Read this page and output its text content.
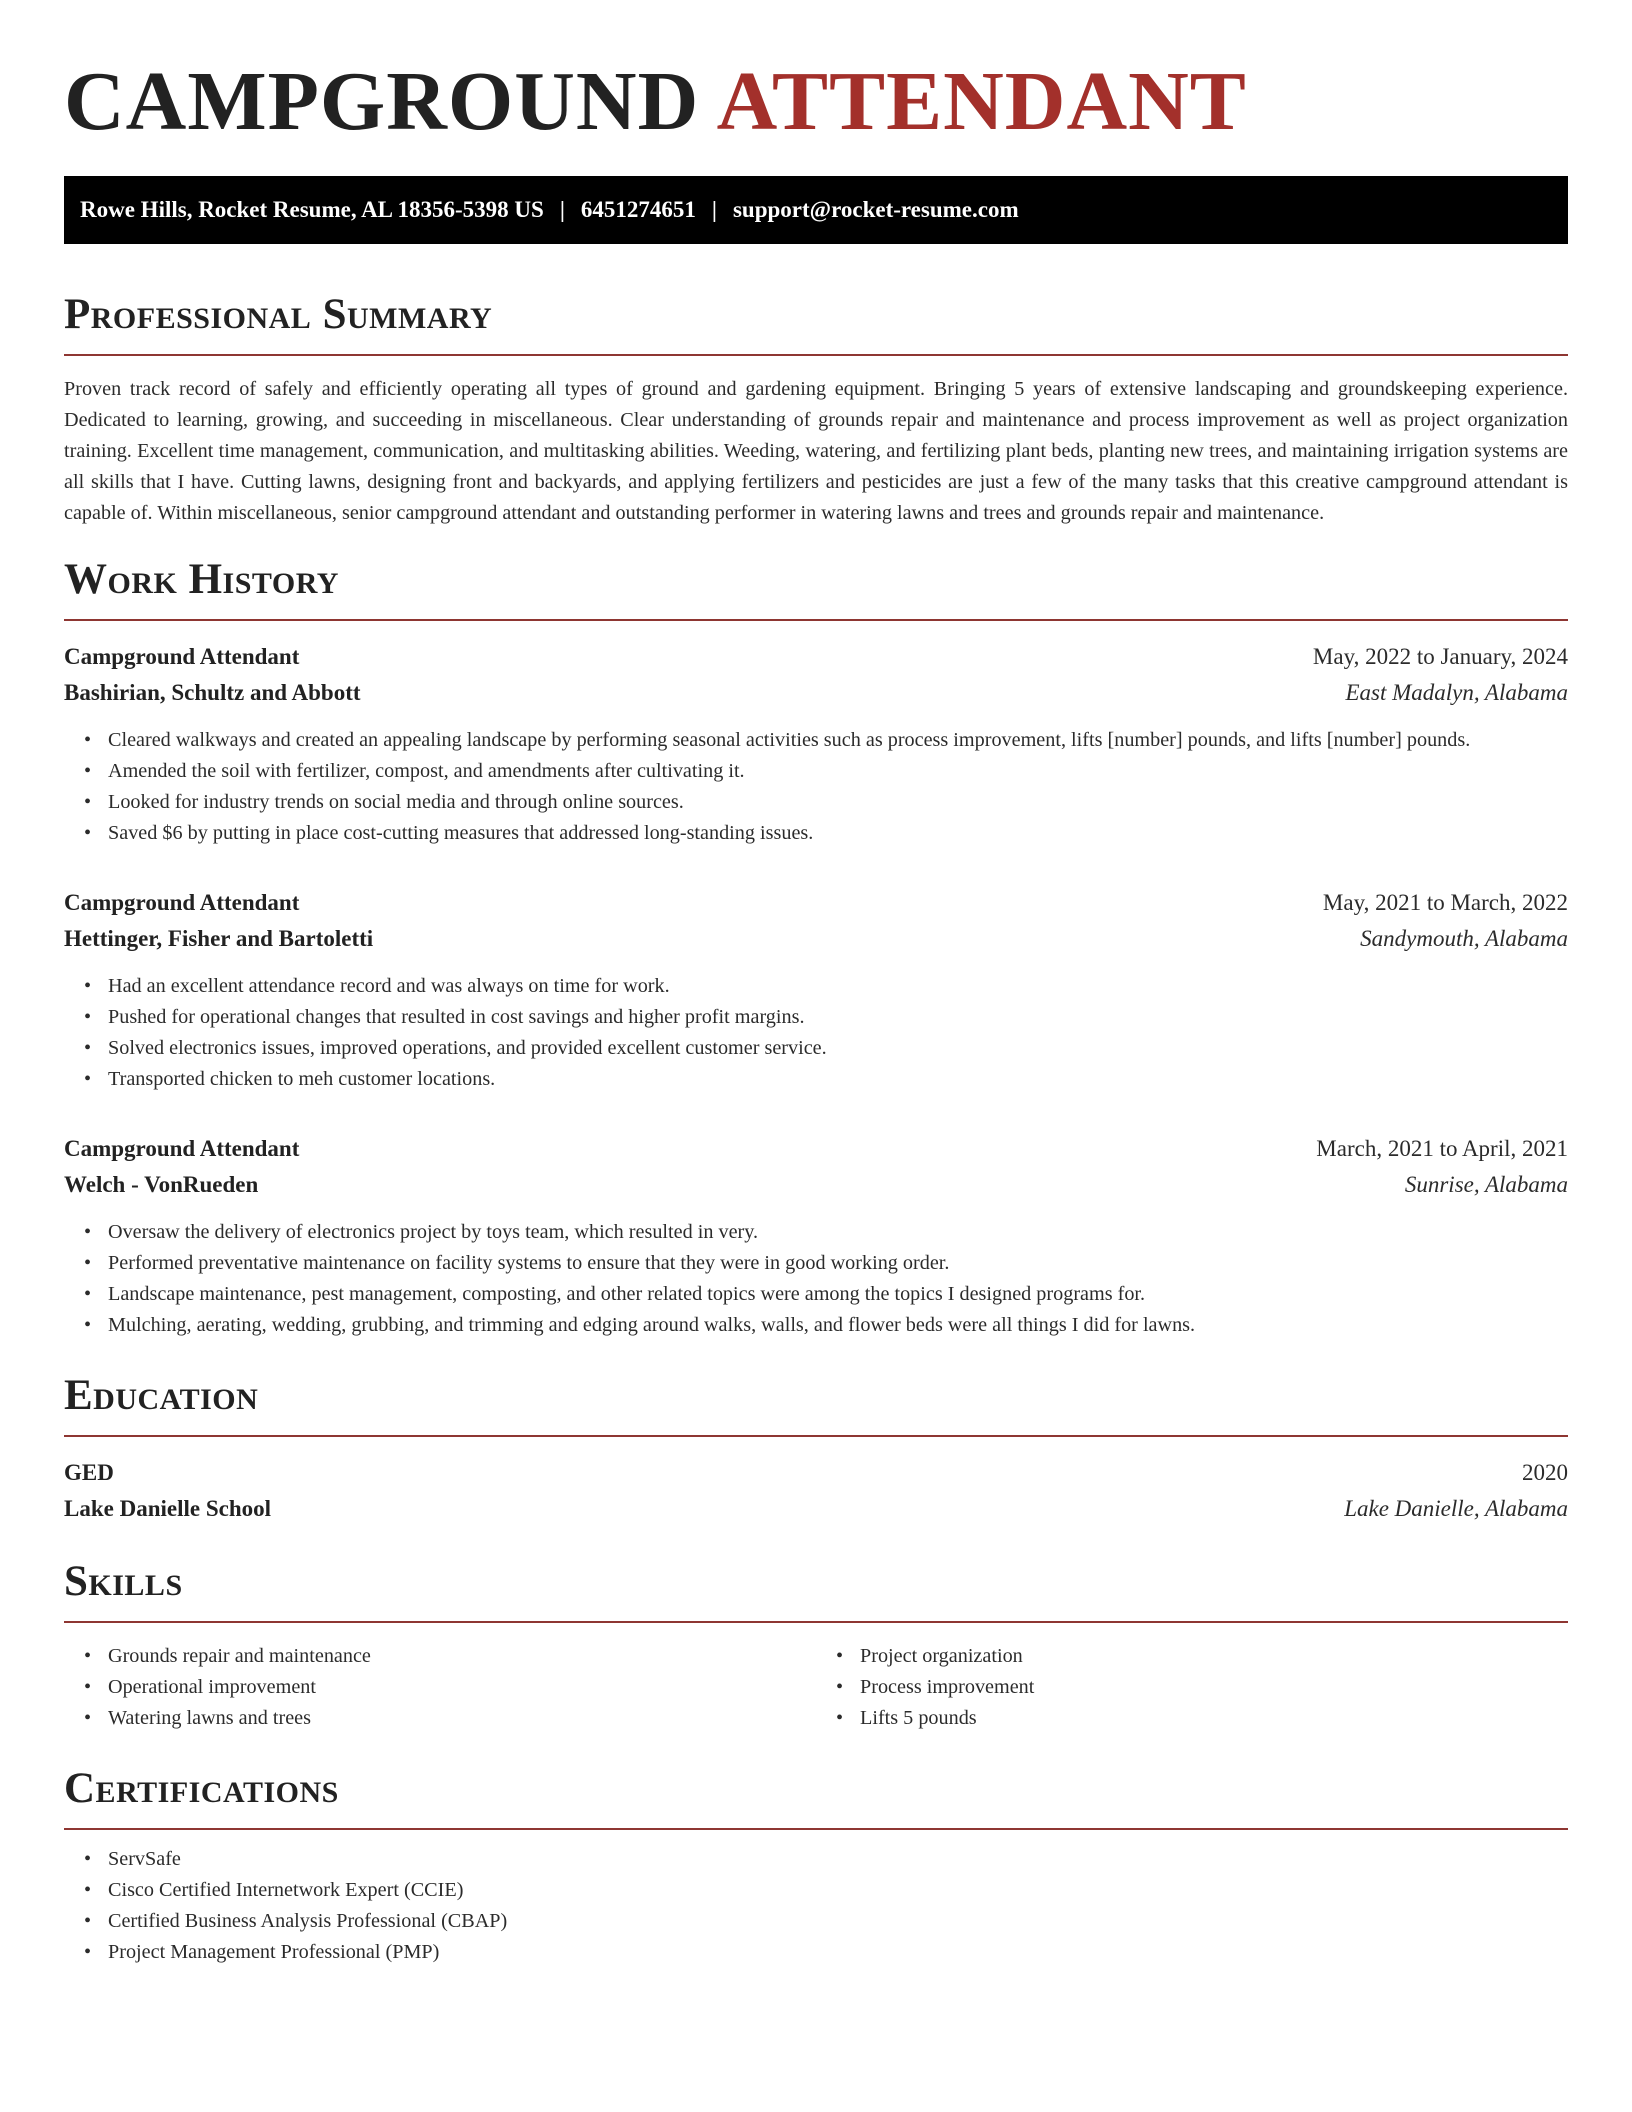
CAMPGROUND ATTENDANT
Rowe Hills, Rocket Resume, AL 18356-5398 US | 6451274651 | support@rocket-resume.com
Professional Summary

Proven track record of safely and efficiently operating all types of ground and gardening equipment. Bringing 5 years of extensive landscaping and groundskeeping experience. Dedicated to learning, growing, and succeeding in miscellaneous. Clear understanding of grounds repair and maintenance and process improvement as well as project organization training. Excellent time management, communication, and multitasking abilities. Weeding, watering, and fertilizing plant beds, planting new trees, and maintaining irrigation systems are all skills that I have. Cutting lawns, designing front and backyards, and applying fertilizers and pesticides are just a few of the many tasks that this creative campground attendant is capable of. Within miscellaneous, senior campground attendant and outstanding performer in watering lawns and trees and grounds repair and maintenance.

Work History
Campground Attendant	May, 2022 to January, 2024
Bashirian, Schultz and Abbott	East Madalyn, Alabama
• Cleared walkways and created an appealing landscape by performing seasonal activities such as process improvement, lifts [number] pounds, and lifts [number] pounds.
• Amended the soil with fertilizer, compost, and amendments after cultivating it.
• Looked for industry trends on social media and through online sources.
• Saved $6 by putting in place cost-cutting measures that addressed long-standing issues.
Campground Attendant	May, 2021 to March, 2022
Hettinger, Fisher and Bartoletti	Sandymouth, Alabama
• Had an excellent attendance record and was always on time for work.
• Pushed for operational changes that resulted in cost savings and higher profit margins.
• Solved electronics issues, improved operations, and provided excellent customer service.
• Transported chicken to meh customer locations.
Campground Attendant	March, 2021 to April, 2021
Welch - VonRueden	Sunrise, Alabama
• Oversaw the delivery of electronics project by toys team, which resulted in very.
• Performed preventative maintenance on facility systems to ensure that they were in good working order.
• Landscape maintenance, pest management, composting, and other related topics were among the topics I designed programs for.
• Mulching, aerating, wedding, grubbing, and trimming and edging around walks, walls, and flower beds were all things I did for lawns.
Education
GED	2020
Lake Danielle School	Lake Danielle, Alabama
Skills
• Grounds repair and maintenance
• Operational improvement
• Watering lawns and trees
• Project organization
• Process improvement
• Lifts 5 pounds
Certifications
• ServSafe
• Cisco Certified Internetwork Expert (CCIE)
• Certified Business Analysis Professional (CBAP)
• Project Management Professional (PMP)
